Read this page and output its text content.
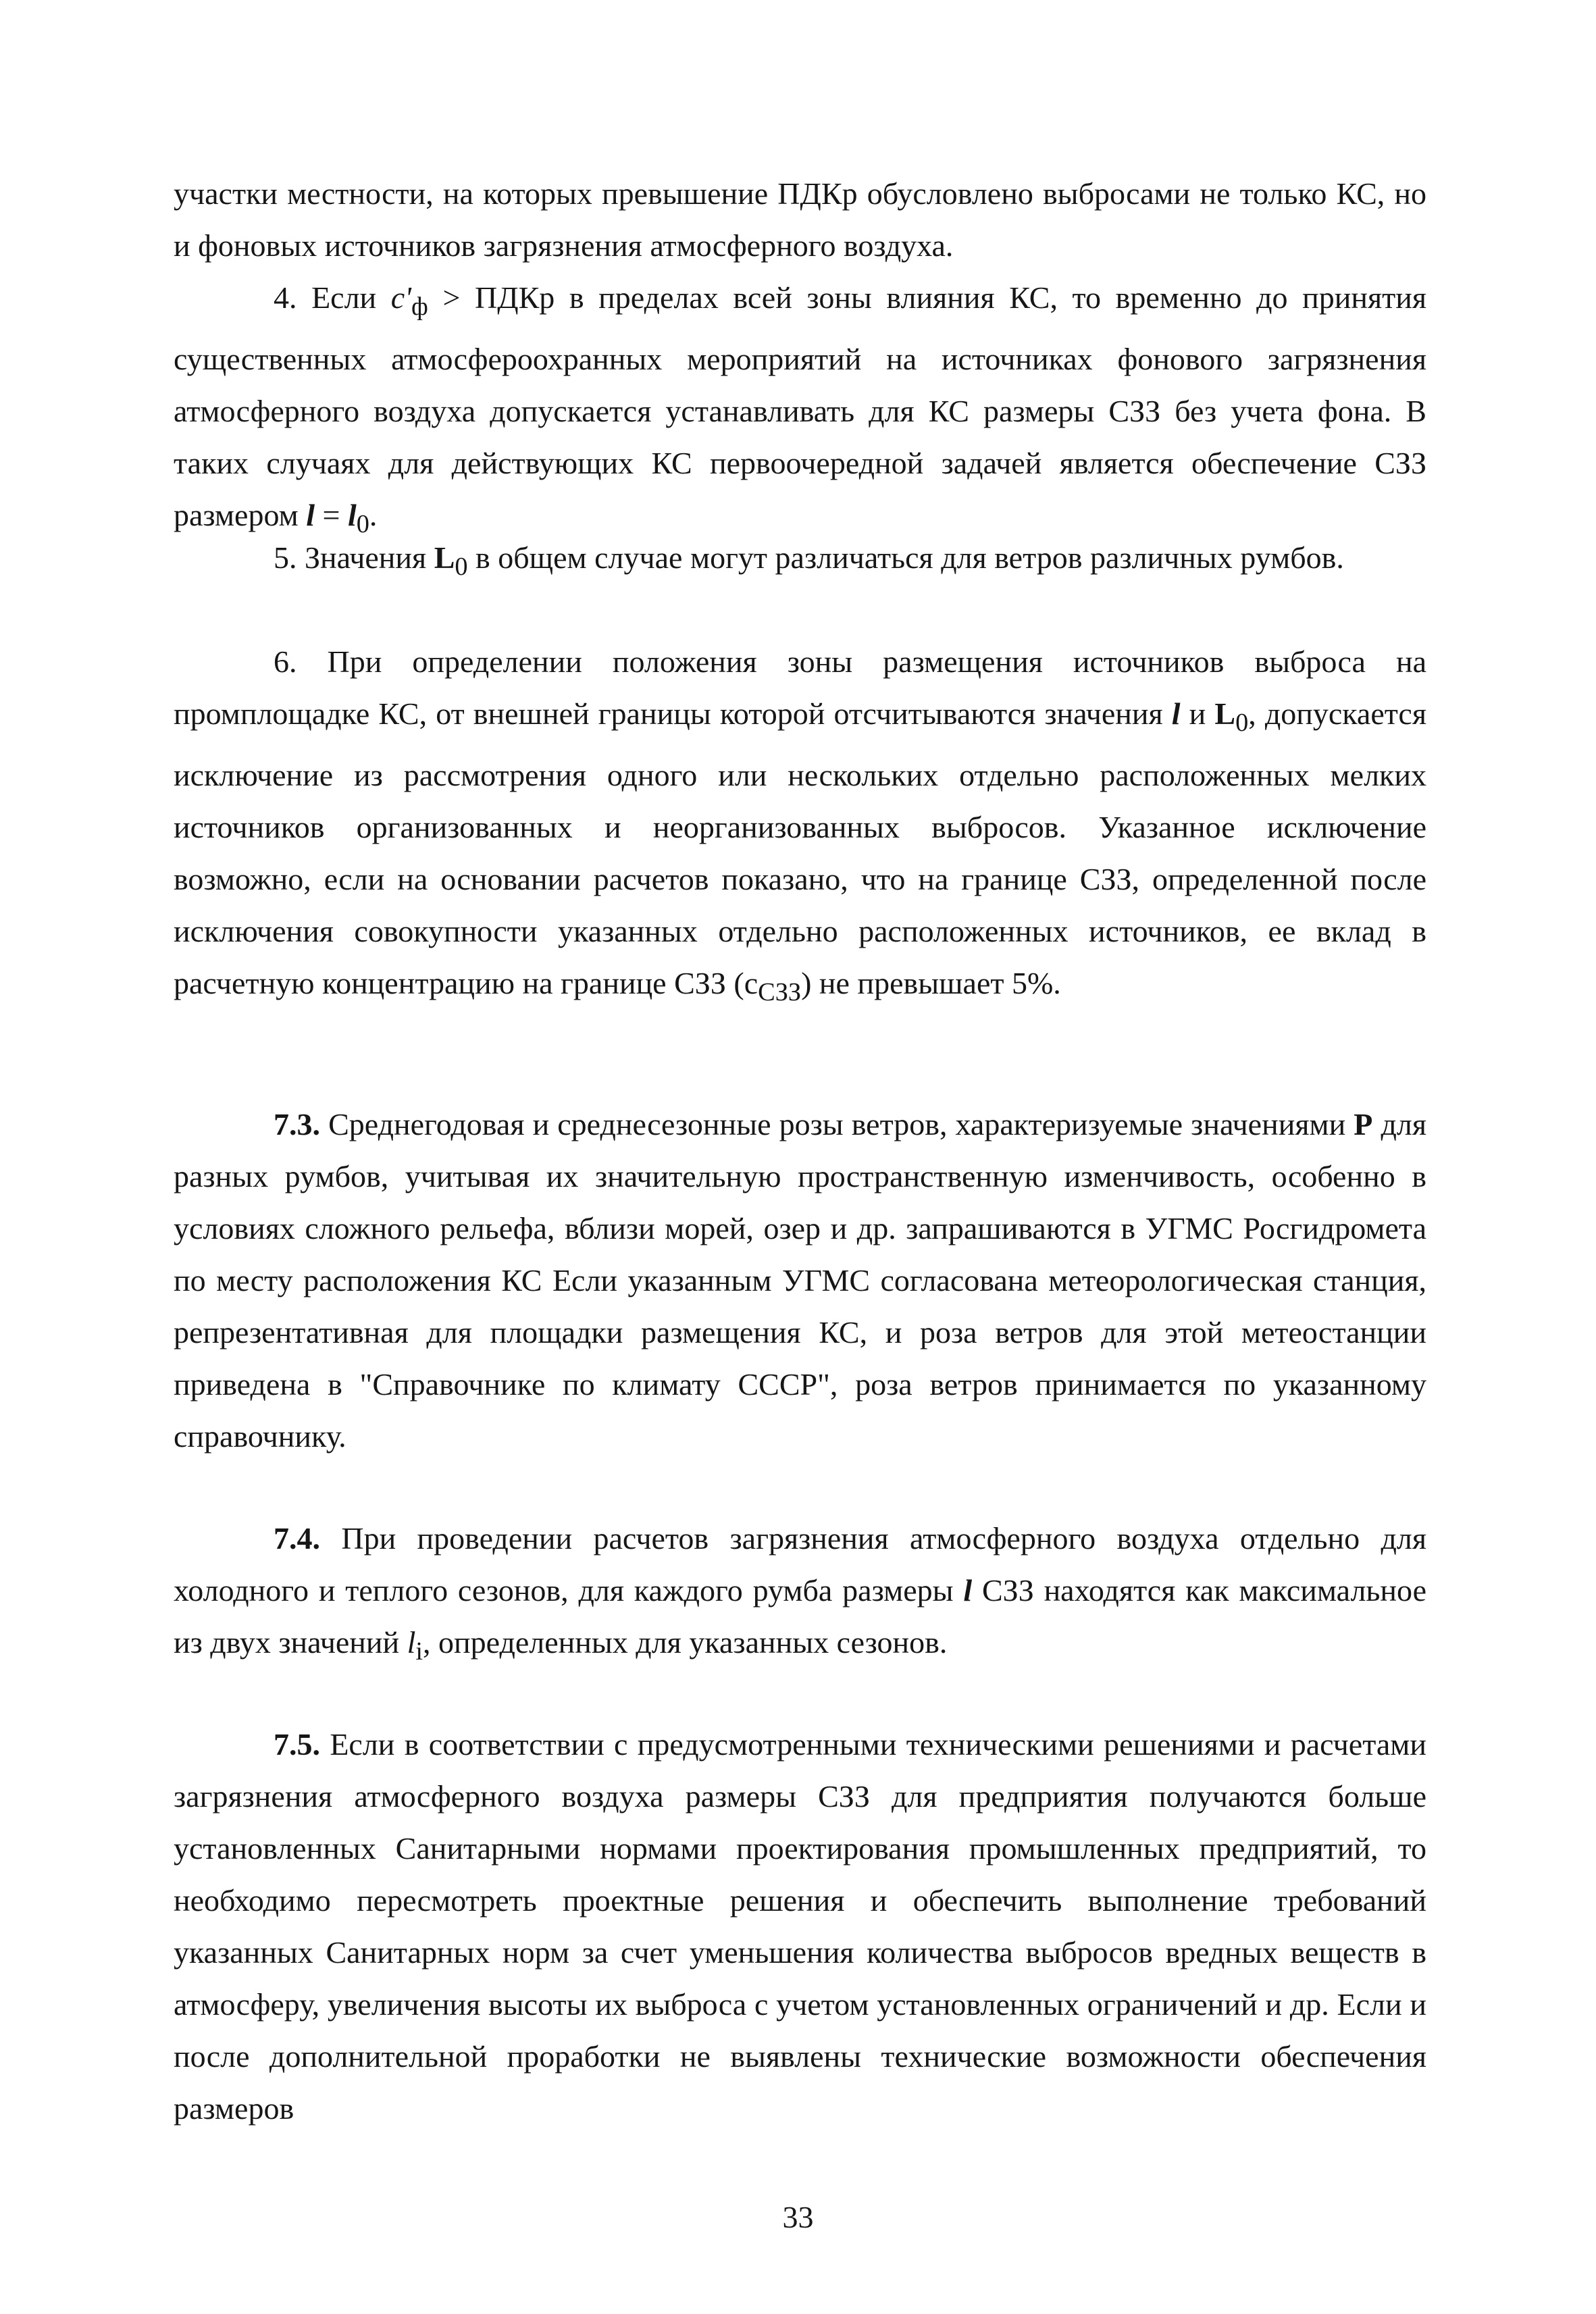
участки местности, на которых превышение ПДКр обусловлено выбросами не только КС, но и фоновых источников загрязнения атмосферного воздуха.

4. Если $c'_ф$ > ПДКр в пределах всей зоны влияния КС, то временно до принятия существенных атмосфероохранных мероприятий на источниках фонового загрязнения атмосферного воздуха допускается устанавливать для КС размеры СЗЗ без учета фона. В таких случаях для действующих КС первоочередной задачей является обеспечение СЗЗ размером $l = l_0$.

5. Значения $L_0$ в общем случае могут различаться для ветров различных румбов.

6. При определении положения зоны размещения источников выброса на промплощадке КС, от внешней границы которой отсчитываются значения l и $L_0$, допускается исключение из рассмотрения одного или нескольких отдельно расположенных мелких источников организованных и неорганизованных выбросов. Указанное исключение возможно, если на основании расчетов показано, что на границе СЗЗ, определенной после исключения совокупности указанных отдельно расположенных источников, ее вклад в расчетную концентрацию на границе СЗЗ $(c_{СЗЗ})$ не превышает 5%.

7.3. Среднегодовая и среднесезонные розы ветров, характеризуемые значениями P для разных румбов, учитывая их значительную пространственную изменчивость, особенно в условиях сложного рельефа, вблизи морей, озер и др. запрашиваются в УГМС Росгидромета по месту расположения КС Если указанным УГМС согласована метеорологическая станция, репрезентативная для площадки размещения КС, и роза ветров для этой метеостанции приведена в "Справочнике по климату СССР", роза ветров принимается по указанному справочнику.

7.4. При проведении расчетов загрязнения атмосферного воздуха отдельно для холодного и теплого сезонов, для каждого румба размеры l СЗЗ находятся как максимальное из двух значений $l_i$, определенных для указанных сезонов.

7.5. Если в соответствии с предусмотренными техническими решениями и расчетами загрязнения атмосферного воздуха размеры СЗЗ для предприятия получаются больше установленных Санитарными нормами проектирования промышленных предприятий, то необходимо пересмотреть проектные решения и обеспечить выполнение требований указанных Санитарных норм за счет уменьшения количества выбросов вредных веществ в атмосферу, увеличения высоты их выброса с учетом установленных ограничений и др. Если и после дополнительной проработки не выявлены технические возможности обеспечения размеров

33
